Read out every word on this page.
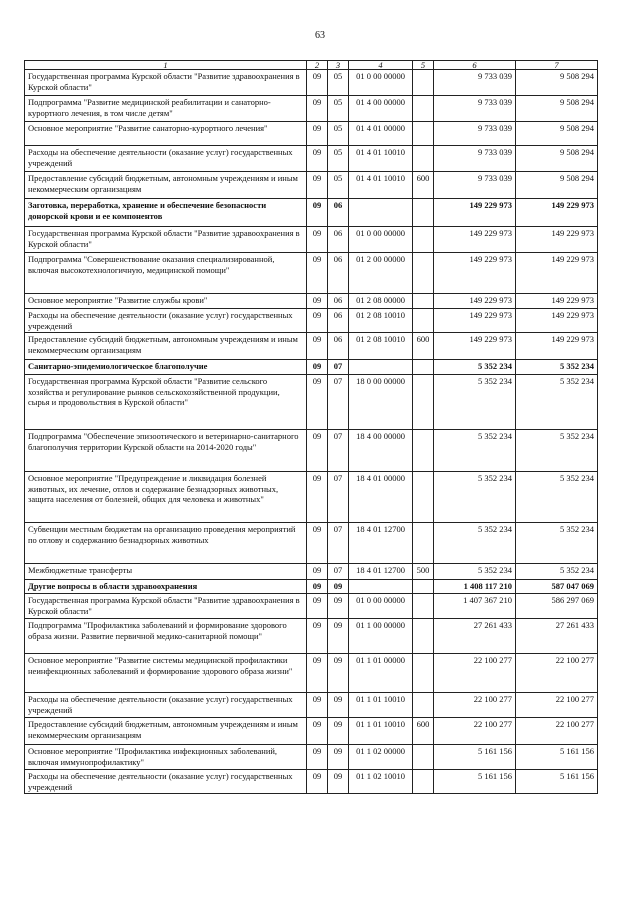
63
1	2	3	4	5	6	7
Государственная программа Курской области "Развитие здравоохранения в Курской области"	09	05	01 0 00 00000		9 733 039	9 508 294
Подпрограмма "Развитие медицинской реабилитации и санаторно-курортного лечения, в том числе детям"	09	05	01 4 00 00000		9 733 039	9 508 294
Основное мероприятие "Развитие санаторно-курортного лечения"	09	05	01 4 01 00000		9 733 039	9 508 294
Расходы на обеспечение деятельности (оказание услуг) государственных учреждений	09	05	01 4 01 10010		9 733 039	9 508 294
Предоставление субсидий бюджетным, автономным учреждениям и иным некоммерческим организациям	09	05	01 4 01 10010	600	9 733 039	9 508 294
Заготовка, переработка, хранение и обеспечение безопасности донорской крови и ее компонентов	09	06			149 229 973	149 229 973
Государственная программа Курской области "Развитие здравоохранения в Курской области"	09	06	01 0 00 00000		149 229 973	149 229 973
Подпрограмма "Совершенствование оказания специализированной, включая высокотехнологичную, медицинской помощи"	09	06	01 2 00 00000		149 229 973	149 229 973
Основное мероприятие "Развитие службы крови"	09	06	01 2 08 00000		149 229 973	149 229 973
Расходы на обеспечение деятельности (оказание услуг) государственных учреждений	09	06	01 2 08 10010		149 229 973	149 229 973
Предоставление субсидий бюджетным, автономным учреждениям и иным некоммерческим организациям	09	06	01 2 08 10010	600	149 229 973	149 229 973
Санитарно-эпидемиологическое благополучие	09	07			5 352 234	5 352 234
Государственная программа Курской области "Развитие сельского хозяйства и регулирование рынков сельскохозяйственной продукции, сырья и продовольствия в Курской области"	09	07	18 0 00 00000		5 352 234	5 352 234
Подпрограмма "Обеспечение эпизоотического и ветеринарно-санитарного благополучия территории Курской области на 2014-2020 годы"	09	07	18 4 00 00000		5 352 234	5 352 234
Основное мероприятие "Предупреждение и ликвидация болезней животных, их лечение, отлов и содержание безнадзорных животных, защита населения от болезней, общих для человека и животных"	09	07	18 4 01 00000		5 352 234	5 352 234
Субвенции местным бюджетам на организацию проведения мероприятий по отлову и содержанию безнадзорных животных	09	07	18 4 01 12700		5 352 234	5 352 234
Межбюджетные трансферты	09	07	18 4 01 12700	500	5 352 234	5 352 234
Другие вопросы в области здравоохранения	09	09			1 408 117 210	587 047 069
Государственная программа Курской области "Развитие здравоохранения в Курской области"	09	09	01 0 00 00000		1 407 367 210	586 297 069
Подпрограмма "Профилактика заболеваний и формирование здорового образа жизни. Развитие первичной медико-санитарной помощи"	09	09	01 1 00 00000		27 261 433	27 261 433
Основное мероприятие "Развитие системы медицинской профилактики неинфекционных заболеваний и формирование здорового образа жизни"	09	09	01 1 01 00000		22 100 277	22 100 277
Расходы на обеспечение деятельности (оказание услуг) государственных учреждений	09	09	01 1 01 10010		22 100 277	22 100 277
Предоставление субсидий бюджетным, автономным учреждениям и иным некоммерческим организациям	09	09	01 1 01 10010	600	22 100 277	22 100 277
Основное мероприятие "Профилактика инфекционных заболеваний, включая иммунопрофилактику"	09	09	01 1 02 00000		5 161 156	5 161 156
Расходы на обеспечение деятельности (оказание услуг) государственных учреждений	09	09	01 1 02 10010		5 161 156	5 161 156
